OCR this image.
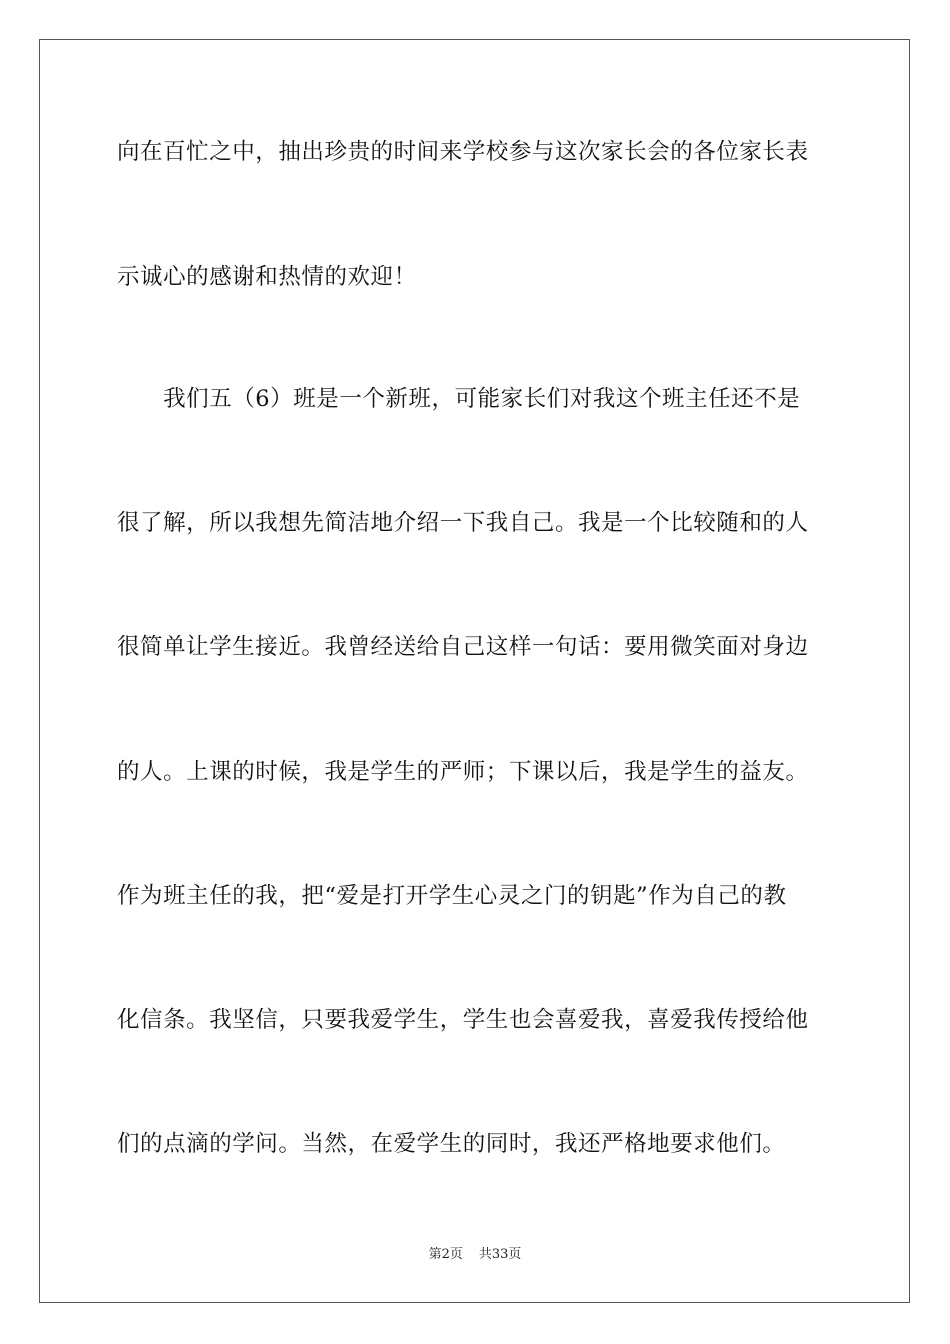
向在百忙之中，抽出珍贵的时间来学校参与这次家长会的各位家长表
示诚心的感谢和热情的欢迎！
　　我们五（6）班是一个新班，可能家长们对我这个班主任还不是
很了解，所以我想先简洁地介绍一下我自己。我是一个比较随和的人
很简单让学生接近。我曾经送给自己这样一句话：要用微笑面对身边
的人。上课的时候，我是学生的严师；下课以后，我是学生的益友。
作为班主任的我，把“爱是打开学生心灵之门的钥匙”作为自己的教
化信条。我坚信，只要我爱学生，学生也会喜爱我，喜爱我传授给他
们的点滴的学问。当然，在爱学生的同时，我还严格地要求他们。
第2页 共33页
